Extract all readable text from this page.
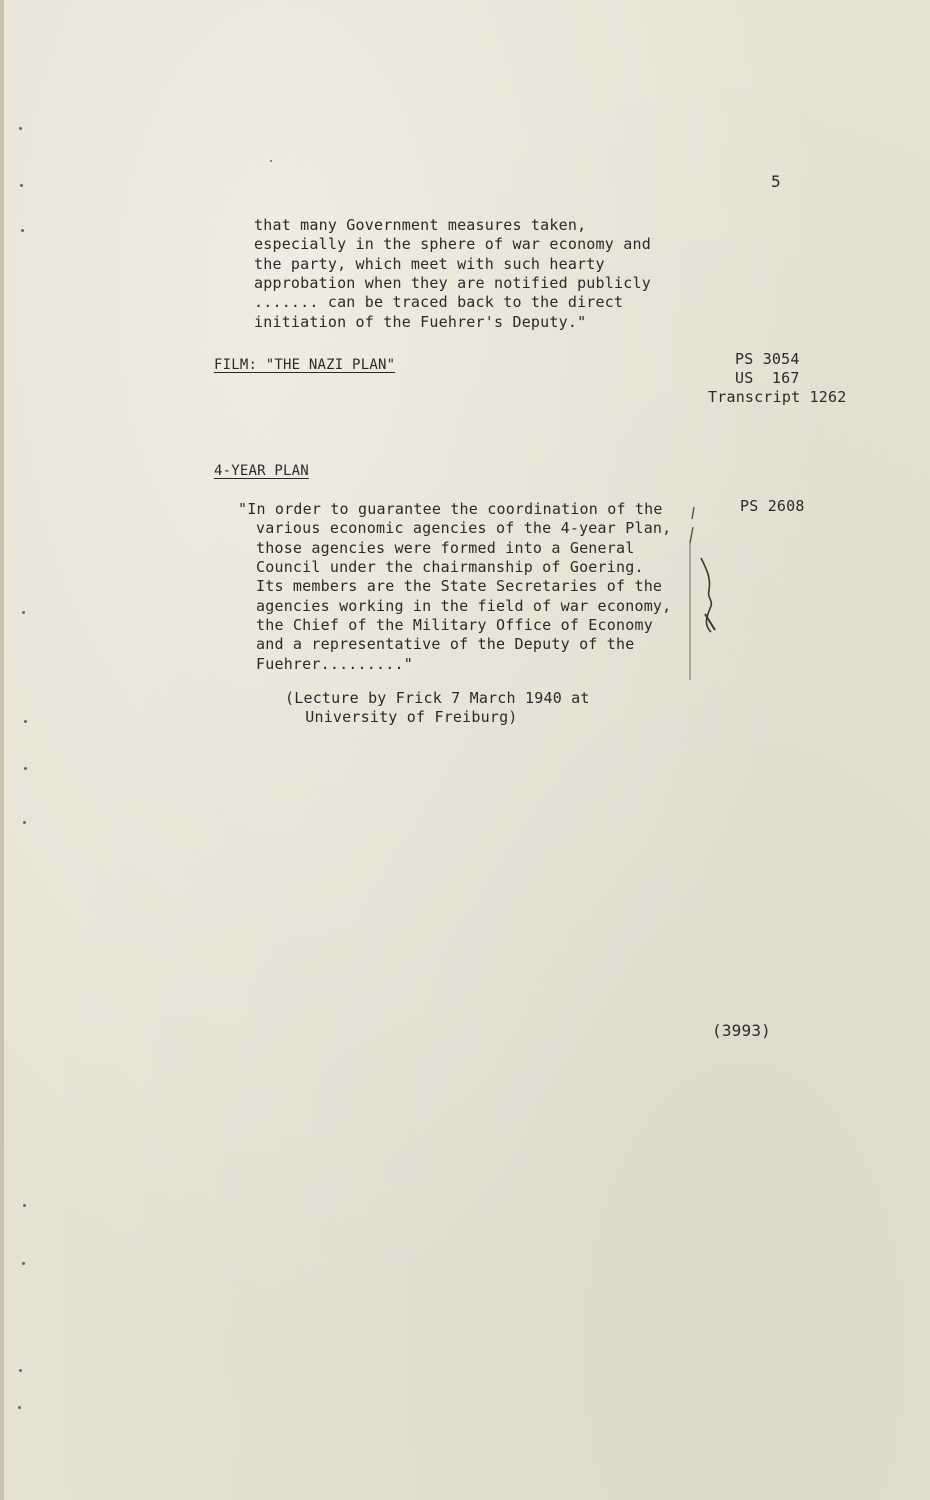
5
that many Government measures taken,
especially in the sphere of war economy and
the party, which meet with such hearty
approbation when they are notified publicly
....... can be traced back to the direct
initiation of the Fuehrer's Deputy."
FILM: "THE NAZI PLAN"	PS 3054
US  167
Transcript 1262
4-YEAR PLAN
PS 2608
"In order to guarantee the coordination of the
various economic agencies of the 4-year Plan,
those agencies were formed into a General
Council under the chairmanship of Goering.
Its members are the State Secretaries of the
agencies working in the field of war economy,
the Chief of the Military Office of Economy
and a representative of the Deputy of the
Fuehrer........."
(Lecture by Frick 7 March 1940 at
University of Freiburg)
(3993)
